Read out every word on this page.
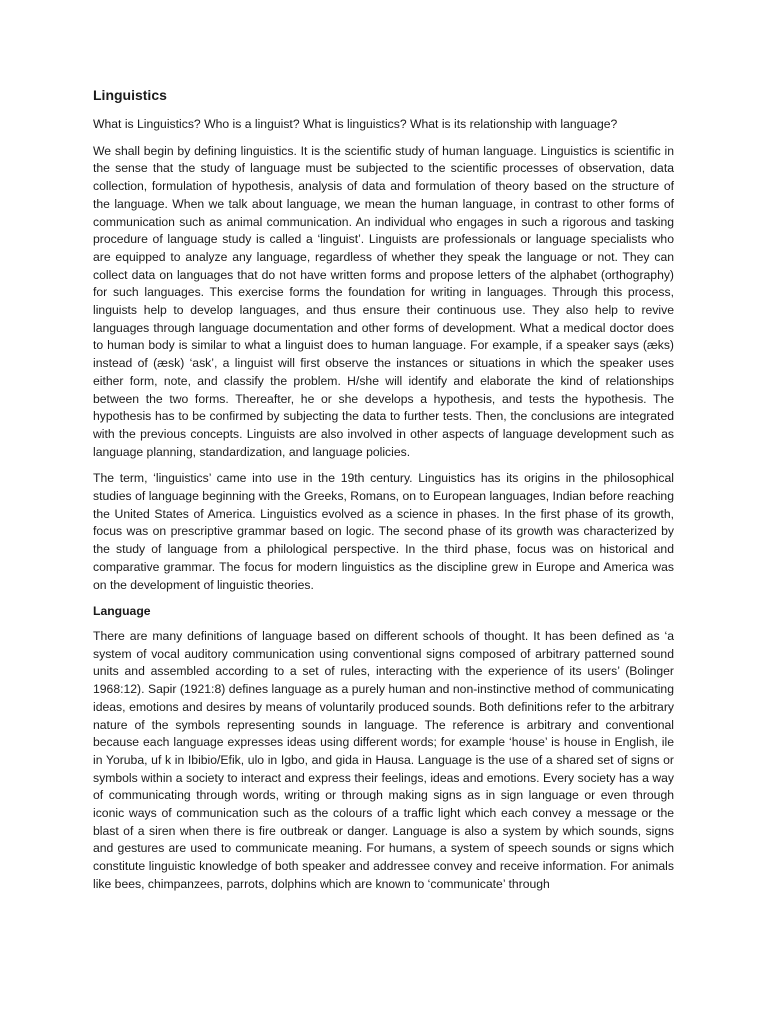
Linguistics

What is Linguistics? Who is a linguist? What is linguistics? What is its relationship with language?

We shall begin by defining linguistics. It is the scientific study of human language. Linguistics is scientific in the sense that the study of language must be subjected to the scientific processes of observation, data collection, formulation of hypothesis, analysis of data and formulation of theory based on the structure of the language. When we talk about language, we mean the human language, in contrast to other forms of communication such as animal communication. An individual who engages in such a rigorous and tasking procedure of language study is called a ‘linguist’. Linguists are professionals or language specialists who are equipped to analyze any language, regardless of whether they speak the language or not. They can collect data on languages that do not have written forms and propose letters of the alphabet (orthography) for such languages. This exercise forms the foundation for writing in languages. Through this process, linguists help to develop languages, and thus ensure their continuous use. They also help to revive languages through language documentation and other forms of development. What a medical doctor does to human body is similar to what a linguist does to human language. For example, if a speaker says (æks) instead of (æsk) ‘ask’, a linguist will first observe the instances or situations in which the speaker uses either form, note, and classify the problem. H/she will identify and elaborate the kind of relationships between the two forms. Thereafter, he or she develops a hypothesis, and tests the hypothesis. The hypothesis has to be confirmed by subjecting the data to further tests. Then, the conclusions are integrated with the previous concepts. Linguists are also involved in other aspects of language development such as language planning, standardization, and language policies.

The term, ‘linguistics’ came into use in the 19th century. Linguistics has its origins in the philosophical studies of language beginning with the Greeks, Romans, on to European languages, Indian before reaching the United States of America. Linguistics evolved as a science in phases. In the first phase of its growth, focus was on prescriptive grammar based on logic. The second phase of its growth was characterized by the study of language from a philological perspective. In the third phase, focus was on historical and comparative grammar. The focus for modern linguistics as the discipline grew in Europe and America was on the development of linguistic theories.

Language

There are many definitions of language based on different schools of thought. It has been defined as ‘a system of vocal auditory communication using conventional signs composed of arbitrary patterned sound units and assembled according to a set of rules, interacting with the experience of its users’ (Bolinger 1968:12). Sapir (1921:8) defines language as a purely human and non-instinctive method of communicating ideas, emotions and desires by means of voluntarily produced sounds. Both definitions refer to the arbitrary nature of the symbols representing sounds in language. The reference is arbitrary and conventional because each language expresses ideas using different words; for example ‘house’ is house in English, ile in Yoruba, uf k in Ibibio/Efik, ulo in Igbo, and gida in Hausa. Language is the use of a shared set of signs or symbols within a society to interact and express their feelings, ideas and emotions. Every society has a way of communicating through words, writing or through making signs as in sign language or even through iconic ways of communication such as the colours of a traffic light which each convey a message or the blast of a siren when there is fire outbreak or danger. Language is also a system by which sounds, signs and gestures are used to communicate meaning. For humans, a system of speech sounds or signs which constitute linguistic knowledge of both speaker and addressee convey and receive information. For animals like bees, chimpanzees, parrots, dolphins which are known to ‘communicate’ through
